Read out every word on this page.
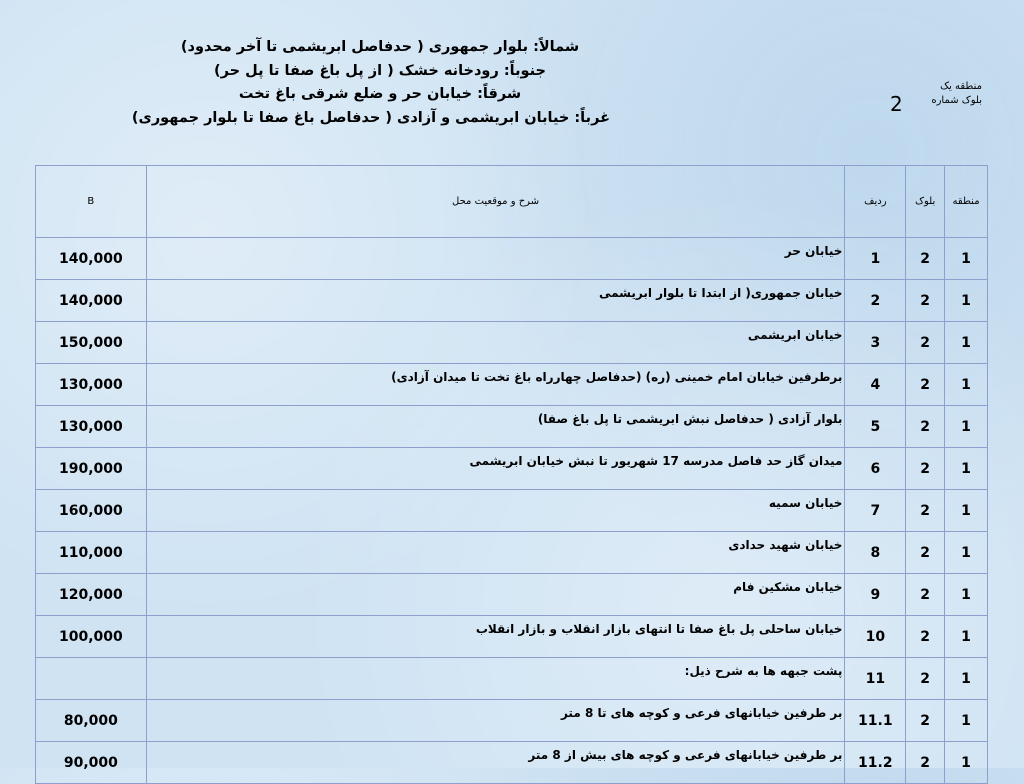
شمالاً: بلوار جمهوری ( حدفاصل ابریشمی تا آخر محدود)
جنوباً: رودخانه خشک ( از پل باغ صفا تا پل حر)
شرقاً: خیابان حر و ضلع شرقی باغ تخت
غرباً: خیابان ابریشمی و آزادی ( حدفاصل باغ صفا تا بلوار جمهوری)
منطقه یک
بلوک شماره
2
منطقه	بلوک	ردیف	شرح و موقعیت محل	B
1	2	1	خیابان حر	140,000
1	2	2	خیابان جمهوری( از ابتدا تا بلوار ابریشمی	140,000
1	2	3	خیابان ابریشمی	150,000
1	2	4	برطرفین خیابان امام خمینی (ره) (حدفاصل چهارراه باغ تخت تا میدان آزادی)	130,000
1	2	5	بلوار آزادی ( حدفاصل نبش ابریشمی تا پل باغ صفا)	130,000
1	2	6	میدان گاز حد فاصل مدرسه 17 شهریور تا نبش خیابان ابریشمی	190,000
1	2	7	خیابان سمیه	160,000
1	2	8	خیابان شهید حدادی	110,000
1	2	9	خیابان مشکین فام	120,000
1	2	10	خیابان ساحلی پل باغ صفا تا انتهای بازار انقلاب و بازار انقلاب	100,000
1	2	11	پشت جبهه ها به شرح ذیل:	
1	2	11.1	بر طرفین خیابانهای فرعی و کوچه های تا 8 متر	80,000
1	2	11.2	بر طرفین خیابانهای فرعی و کوچه های بیش از 8 متر	90,000
